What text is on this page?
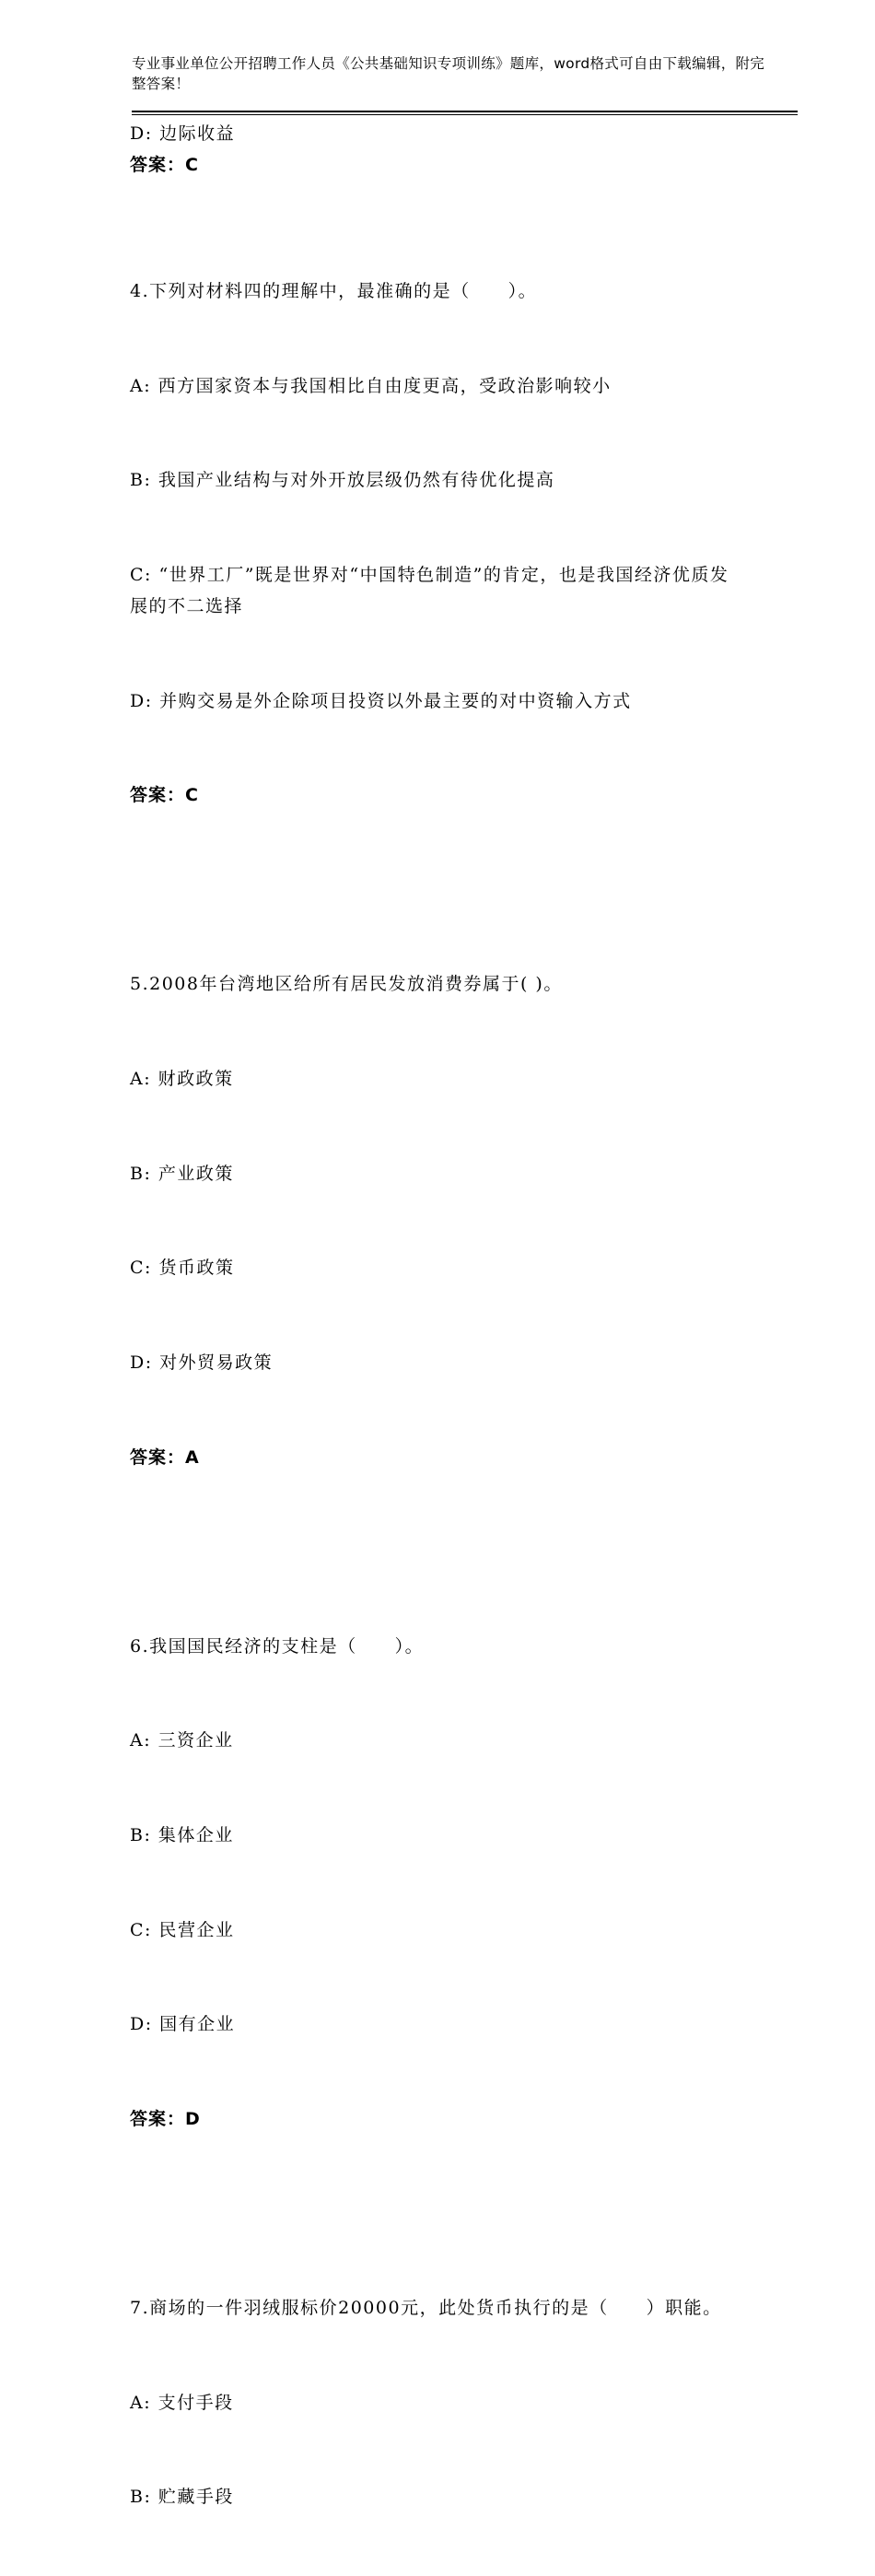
专业事业单位公开招聘工作人员《公共基础知识专项训练》题库，word格式可自由下载编辑，附完整答案！
D: 边际收益
答案：C

4.下列对材料四的理解中，最准确的是（　　）。

A: 西方国家资本与我国相比自由度更高，受政治影响较小

B: 我国产业结构与对外开放层级仍然有待优化提高

C: “世界工厂”既是世界对“中国特色制造”的肯定，也是我国经济优质发展的不二选择

D: 并购交易是外企除项目投资以外最主要的对中资输入方式

答案：C

5.2008年台湾地区给所有居民发放消费券属于( )。

A: 财政政策

B: 产业政策

C: 货币政策

D: 对外贸易政策

答案：A

6.我国国民经济的支柱是（　　）。

A: 三资企业

B: 集体企业

C: 民营企业

D: 国有企业

答案：D

7.商场的一件羽绒服标价20000元，此处货币执行的是（　　）职能。

A: 支付手段

B: 贮藏手段
